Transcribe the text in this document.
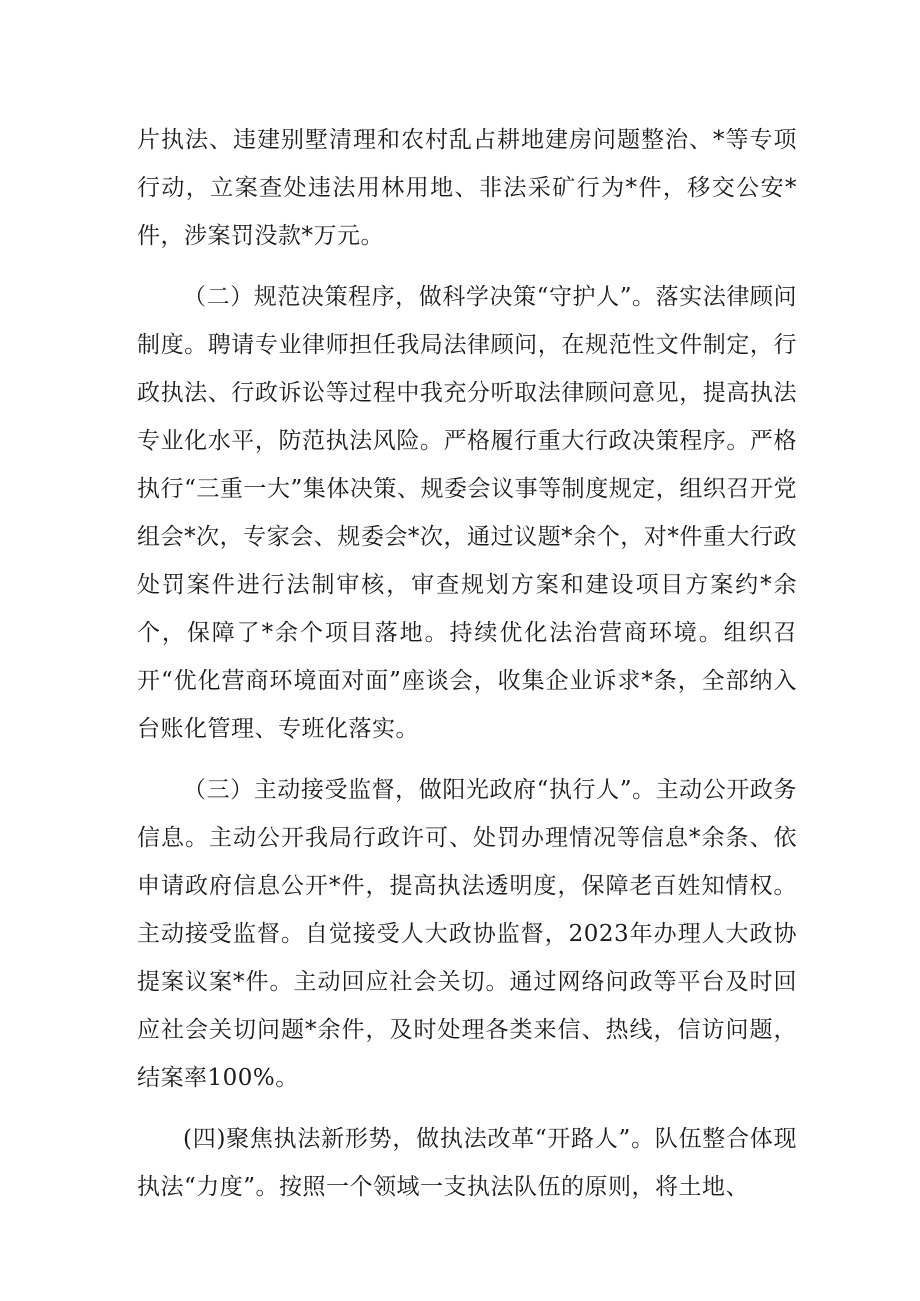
片执法、违建别墅清理和农村乱占耕地建房问题整治、*等专项行动，立案查处违法用林用地、非法采矿行为*件，移交公安*件，涉案罚没款*万元。

（二）规范决策程序，做科学决策“守护人”。落实法律顾问制度。聘请专业律师担任我局法律顾问，在规范性文件制定，行政执法、行政诉讼等过程中我充分听取法律顾问意见，提高执法专业化水平，防范执法风险。严格履行重大行政决策程序。严格执行“三重一大”集体决策、规委会议事等制度规定，组织召开党组会*次，专家会、规委会*次，通过议题*余个，对*件重大行政处罚案件进行法制审核，审查规划方案和建设项目方案约*余个，保障了*余个项目落地。持续优化法治营商环境。组织召开“优化营商环境面对面”座谈会，收集企业诉求*条，全部纳入台账化管理、专班化落实。

（三）主动接受监督，做阳光政府“执行人”。主动公开政务信息。主动公开我局行政许可、处罚办理情况等信息*余条、依申请政府信息公开*件，提高执法透明度，保障老百姓知情权。主动接受监督。自觉接受人大政协监督，2023年办理人大政协提案议案*件。主动回应社会关切。通过网络问政等平台及时回应社会关切问题*余件，及时处理各类来信、热线，信访问题，结案率100%。

(四)聚焦执法新形势，做执法改革“开路人”。队伍整合体现执法“力度”。按照一个领域一支执法队伍的原则，将土地、
